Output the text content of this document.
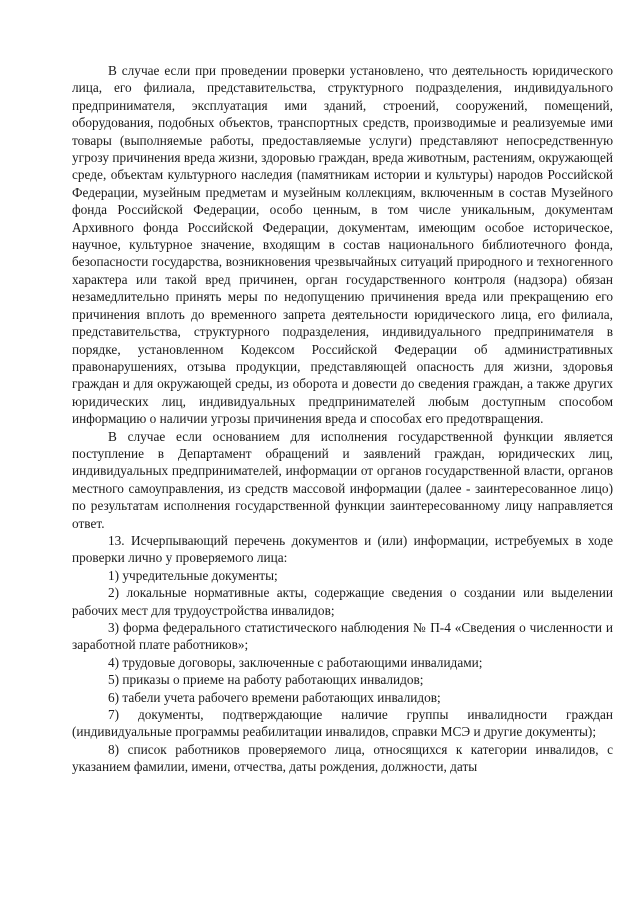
В случае если при проведении проверки установлено, что деятельность юридического лица, его филиала, представительства, структурного подразделения, индивидуального предпринимателя, эксплуатация ими зданий, строений, сооружений, помещений, оборудования, подобных объектов, транспортных средств, производимые и реализуемые ими товары (выполняемые работы, предоставляемые услуги) представляют непосредственную угрозу причинения вреда жизни, здоровью граждан, вреда животным, растениям, окружающей среде, объектам культурного наследия (памятникам истории и культуры) народов Российской Федерации, музейным предметам и музейным коллекциям, включенным в состав Музейного фонда Российской Федерации, особо ценным, в том числе уникальным, документам Архивного фонда Российской Федерации, документам, имеющим особое историческое, научное, культурное значение, входящим в состав национального библиотечного фонда, безопасности государства, возникновения чрезвычайных ситуаций природного и техногенного характера или такой вред причинен, орган государственного контроля (надзора) обязан незамедлительно принять меры по недопущению причинения вреда или прекращению его причинения вплоть до временного запрета деятельности юридического лица, его филиала, представительства, структурного подразделения, индивидуального предпринимателя в порядке, установленном Кодексом Российской Федерации об административных правонарушениях, отзыва продукции, представляющей опасность для жизни, здоровья граждан и для окружающей среды, из оборота и довести до сведения граждан, а также других юридических лиц, индивидуальных предпринимателей любым доступным способом информацию о наличии угрозы причинения вреда и способах его предотвращения.

В случае если основанием для исполнения государственной функции является поступление в Департамент обращений и заявлений граждан, юридических лиц, индивидуальных предпринимателей, информации от органов государственной власти, органов местного самоуправления, из средств массовой информации (далее - заинтересованное лицо) по результатам исполнения государственной функции заинтересованному лицу направляется ответ.

13. Исчерпывающий перечень документов и (или) информации, истребуемых в ходе проверки лично у проверяемого лица:

1) учредительные документы;

2) локальные нормативные акты, содержащие сведения о создании или выделении рабочих мест для трудоустройства инвалидов;

3) форма федерального статистического наблюдения № П-4 «Сведения о численности и заработной плате работников»;

4) трудовые договоры, заключенные с работающими инвалидами;

5) приказы о приеме на работу работающих инвалидов;

6) табели учета рабочего времени работающих инвалидов;

7) документы, подтверждающие наличие группы инвалидности граждан (индивидуальные программы реабилитации инвалидов, справки МСЭ и другие документы);

8) список работников проверяемого лица, относящихся к категории инвалидов, с указанием фамилии, имени, отчества, даты рождения, должности, даты
